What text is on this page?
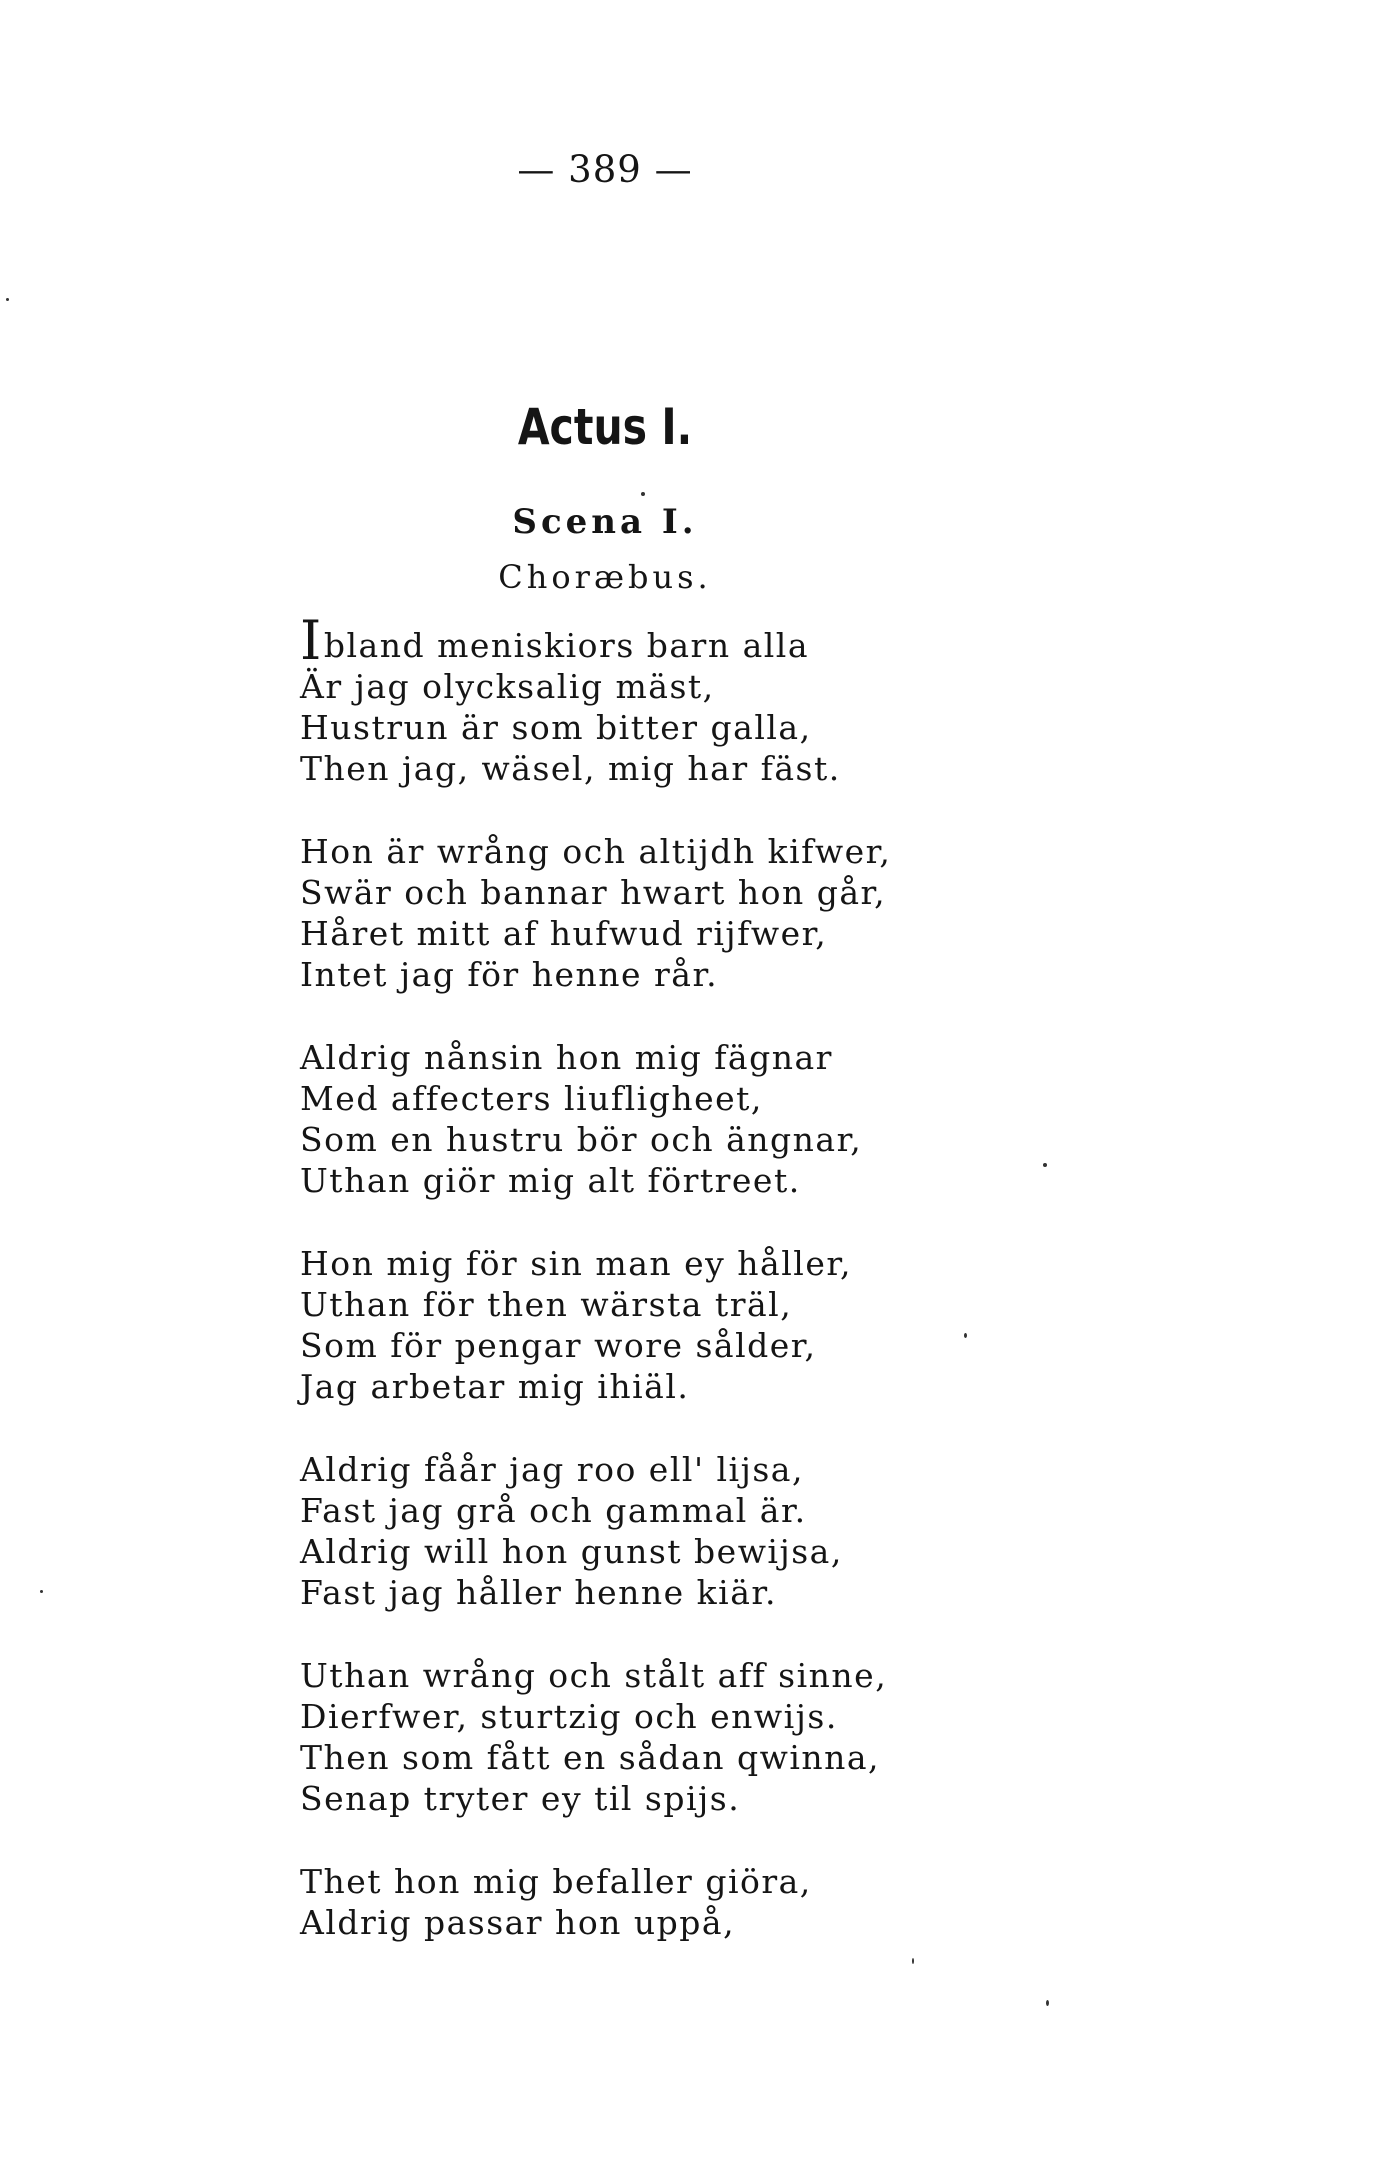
— 389 —
Actus I.
Scena I.
Choræbus.
Ibland meniskiors barn alla
Är jag olycksalig mäst,
Hustrun är som bitter galla,
Then jag, wäsel, mig har fäst.
Hon är wrång och altijdh kifwer,
Swär och bannar hwart hon går,
Håret mitt af hufwud rijfwer,
Intet jag för henne rår.
Aldrig nånsin hon mig fägnar
Med affecters liufligheet,
Som en hustru bör och ängnar,
Uthan giör mig alt förtreet.
Hon mig för sin man ey håller,
Uthan för then wärsta träl,
Som för pengar wore sålder,
Jag arbetar mig ihiäl.
Aldrig fåår jag roo ell' lijsa,
Fast jag grå och gammal är.
Aldrig will hon gunst bewijsa,
Fast jag håller henne kiär.
Uthan wrång och stålt aff sinne,
Dierfwer, sturtzig och enwijs.
Then som fått en sådan qwinna,
Senap tryter ey til spijs.
Thet hon mig befaller giöra,
Aldrig passar hon uppå,
